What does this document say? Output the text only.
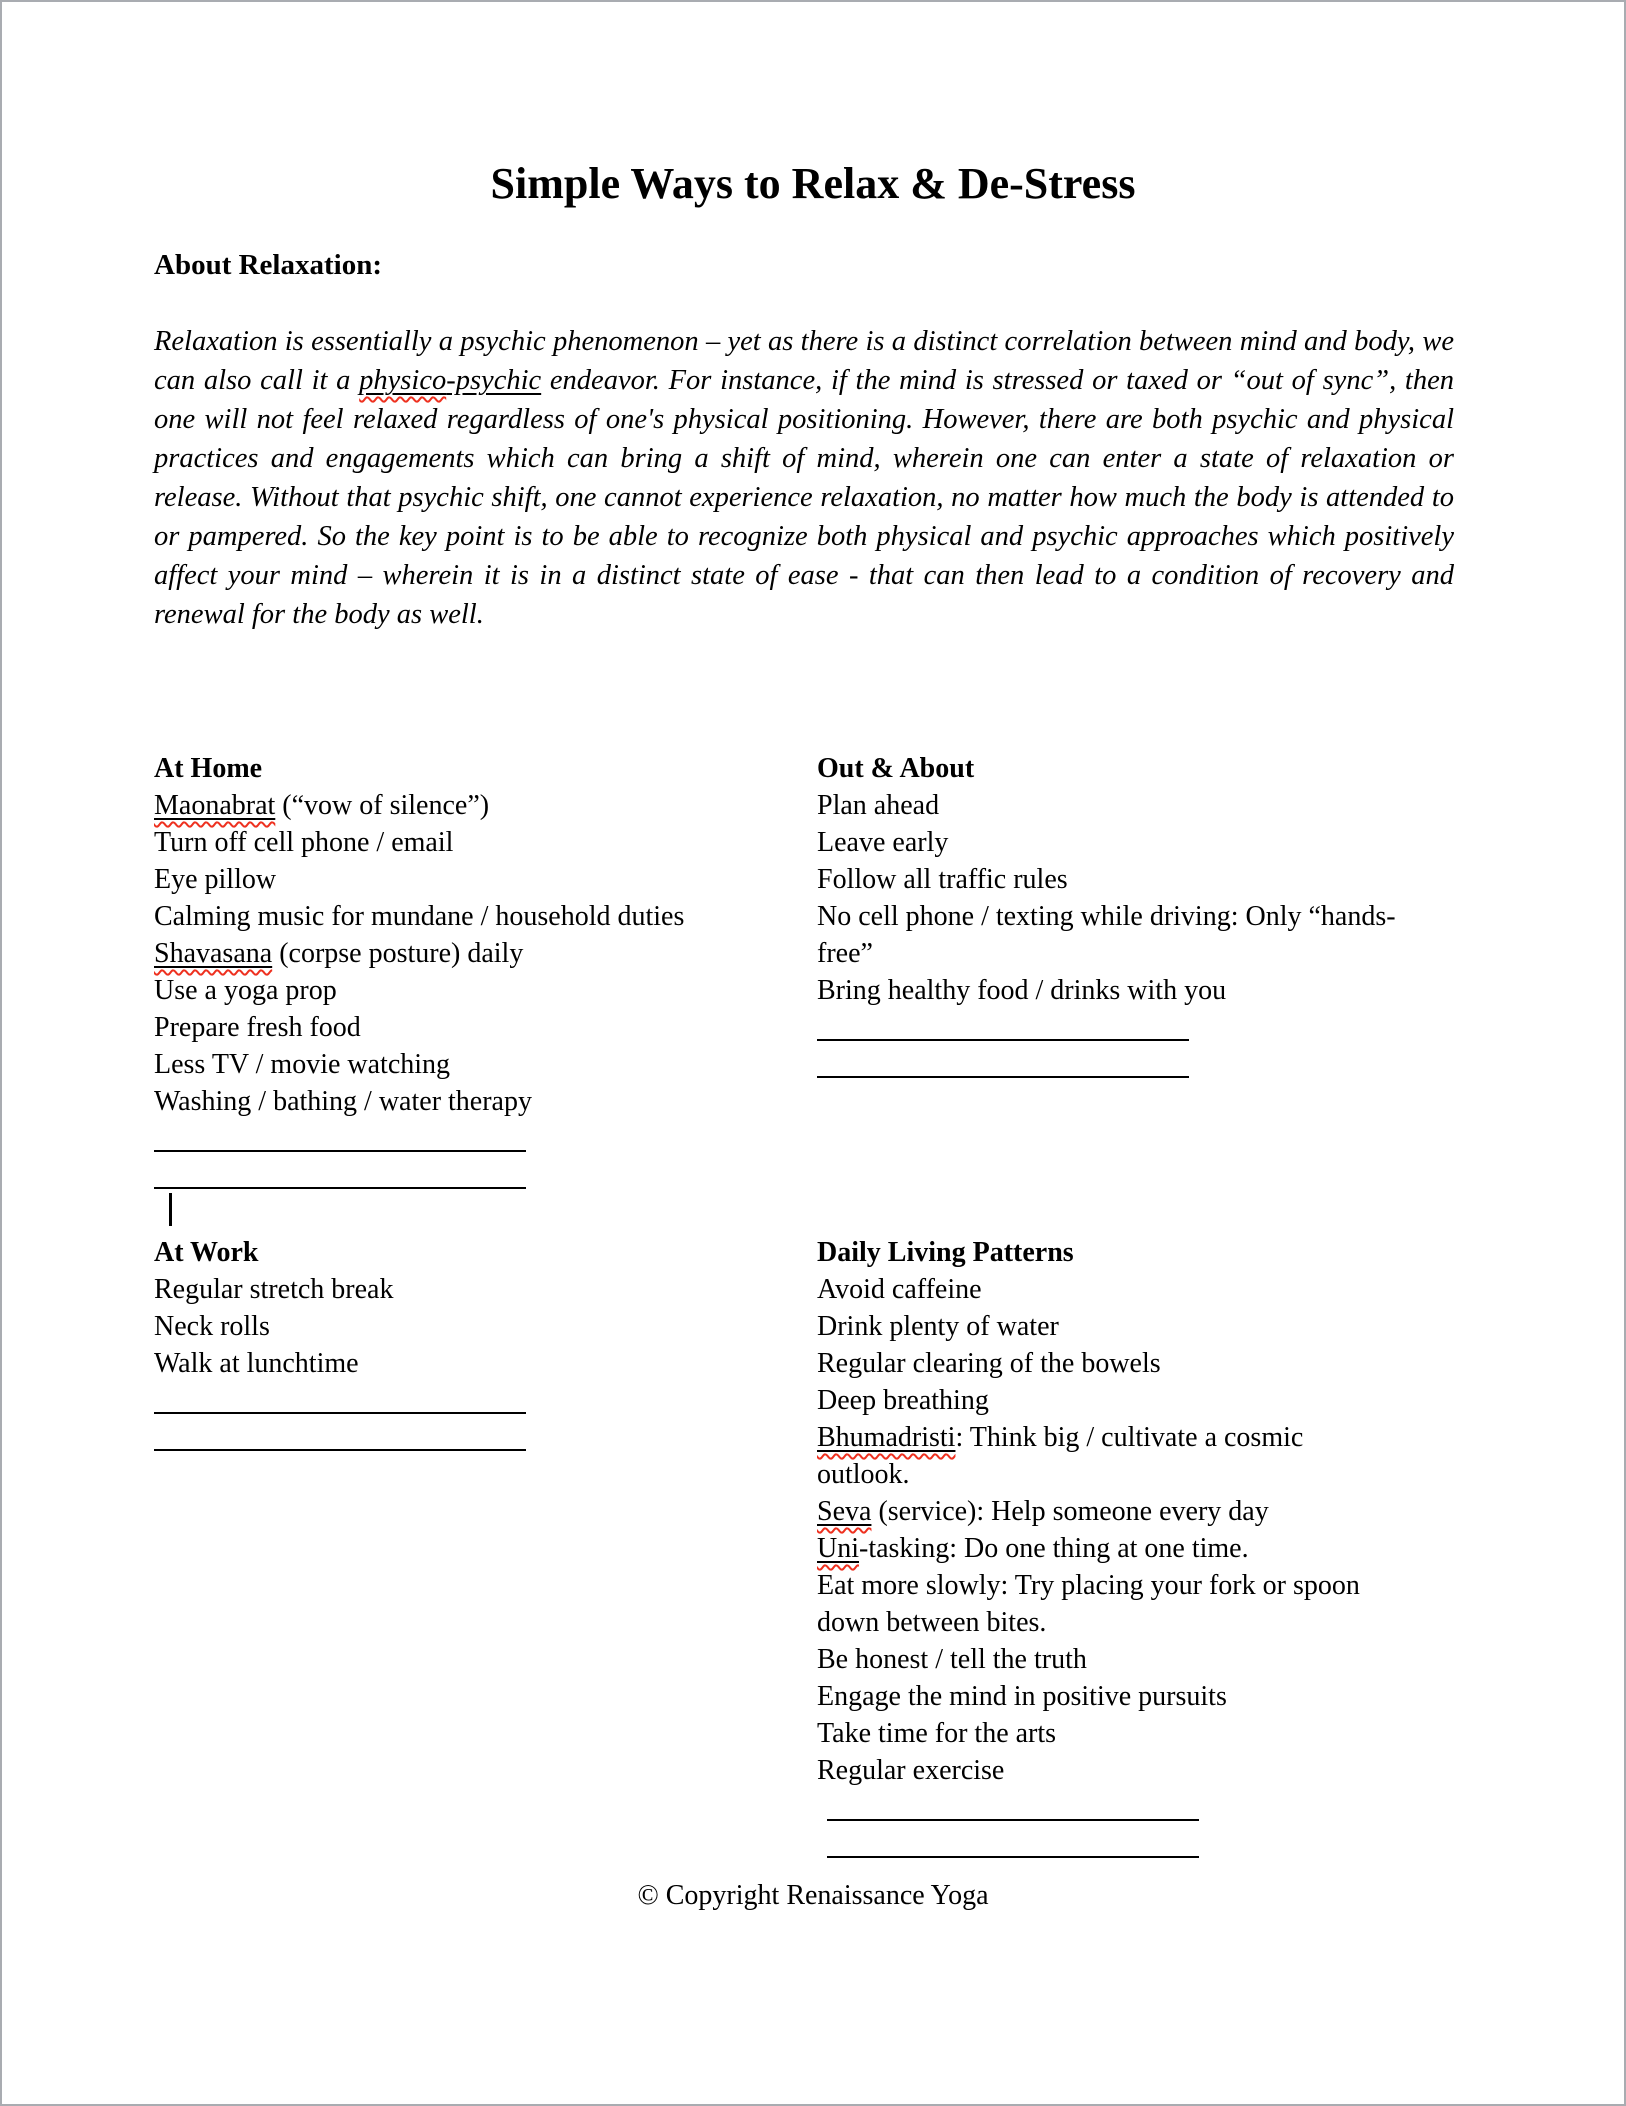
Simple Ways to Relax & De-Stress
About Relaxation:
Relaxation is essentially a psychic phenomenon – yet as there is a distinct correlation between mind and body, we can also call it a physico-psychic endeavor. For instance, if the mind is stressed or taxed or “out of sync”, then one will not feel relaxed regardless of one's physical positioning. However, there are both psychic and physical practices and engagements which can bring a shift of mind, wherein one can enter a state of relaxation or release. Without that psychic shift, one cannot experience relaxation, no matter how much the body is attended to or pampered. So the key point is to be able to recognize both physical and psychic approaches which positively affect your mind – wherein it is in a distinct state of ease - that can then lead to a condition of recovery and renewal for the body as well.
At Home
Maonabrat (“vow of silence”)
Turn off cell phone / email
Eye pillow
Calming music for mundane / household duties
Shavasana (corpse posture) daily
Use a yoga prop
Prepare fresh food
Less TV / movie watching
Washing / bathing / water therapy
Out & About
Plan ahead
Leave early
Follow all traffic rules
No cell phone / texting while driving: Only “hands-
free”
Bring healthy food / drinks with you
At Work
Regular stretch break
Neck rolls
Walk at lunchtime
Daily Living Patterns
Avoid caffeine
Drink plenty of water
Regular clearing of the bowels
Deep breathing
Bhumadristi: Think big / cultivate a cosmic
outlook.
Seva (service): Help someone every day
Uni-tasking: Do one thing at one time.
Eat more slowly: Try placing your fork or spoon
down between bites.
Be honest / tell the truth
Engage the mind in positive pursuits
Take time for the arts
Regular exercise
© Copyright Renaissance Yoga
